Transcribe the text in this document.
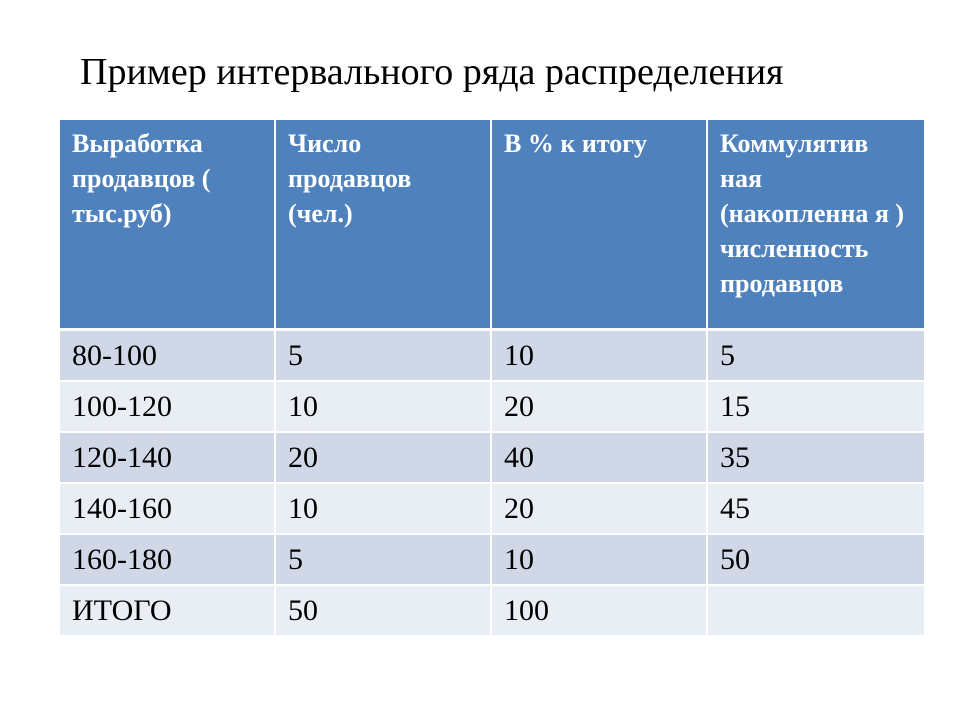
Пример интервального ряда распределения
Выработка продавцов ( тыс.руб)	Число продавцов (чел.)	В % к итогу	Коммулятив ная (накопленна я ) численность продавцов
80-100	5	10	5
100-120	10	20	15
120-140	20	40	35
140-160	10	20	45
160-180	5	10	50
ИТОГО	50	100	
